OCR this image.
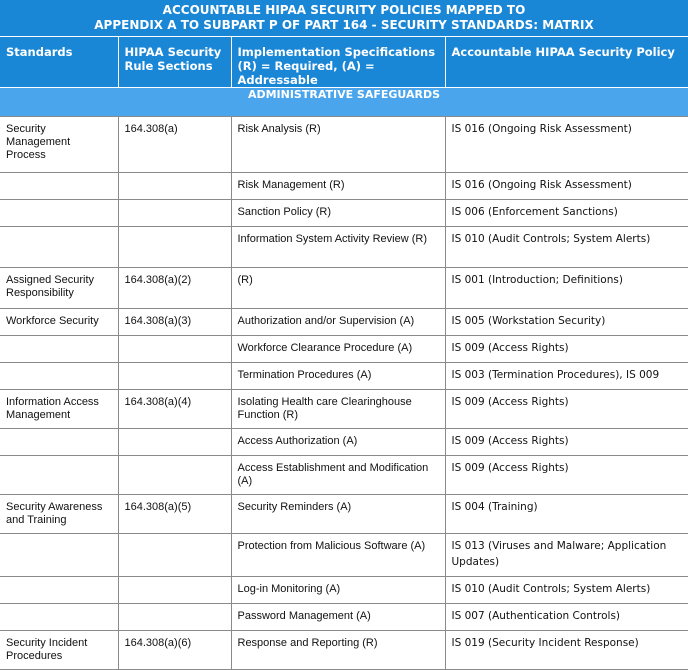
ACCOUNTABLE HIPAA SECURITY POLICIES MAPPED TO
APPENDIX A TO SUBPART P OF PART 164 - SECURITY STANDARDS: MATRIX
Standards	HIPAA Security Rule Sections	Implementation Specifications (R) = Required, (A) = Addressable	Accountable HIPAA Security Policy
ADMINISTRATIVE SAFEGUARDS			
Security Management Process	164.308(a)	Risk Analysis (R)	IS 016 (Ongoing Risk Assessment)
		Risk Management (R)	IS 016 (Ongoing Risk Assessment)
		Sanction Policy (R)	IS 006 (Enforcement Sanctions)
		Information System Activity Review (R)	IS 010 (Audit Controls; System Alerts)
Assigned Security Responsibility	164.308(a)(2)	(R)	IS 001 (Introduction; Definitions)
Workforce Security	164.308(a)(3)	Authorization and/or Supervision (A)	IS 005 (Workstation Security)
		Workforce Clearance Procedure (A)	IS 009 (Access Rights)
		Termination Procedures (A)	IS 003 (Termination Procedures), IS 009
Information Access Management	164.308(a)(4)	Isolating Health care Clearinghouse Function (R)	IS 009 (Access Rights)
		Access Authorization (A)	IS 009 (Access Rights)
		Access Establishment and Modification (A)	IS 009 (Access Rights)
Security Awareness and Training	164.308(a)(5)	Security Reminders (A)	IS 004 (Training)
		Protection from Malicious Software (A)	IS 013 (Viruses and Malware; Application
Updates)

		Log-in Monitoring (A)	IS 010 (Audit Controls; System Alerts)
		Password Management (A)	IS 007 (Authentication Controls)
Security Incident Procedures	164.308(a)(6)	Response and Reporting (R)	IS 019 (Security Incident Response)
